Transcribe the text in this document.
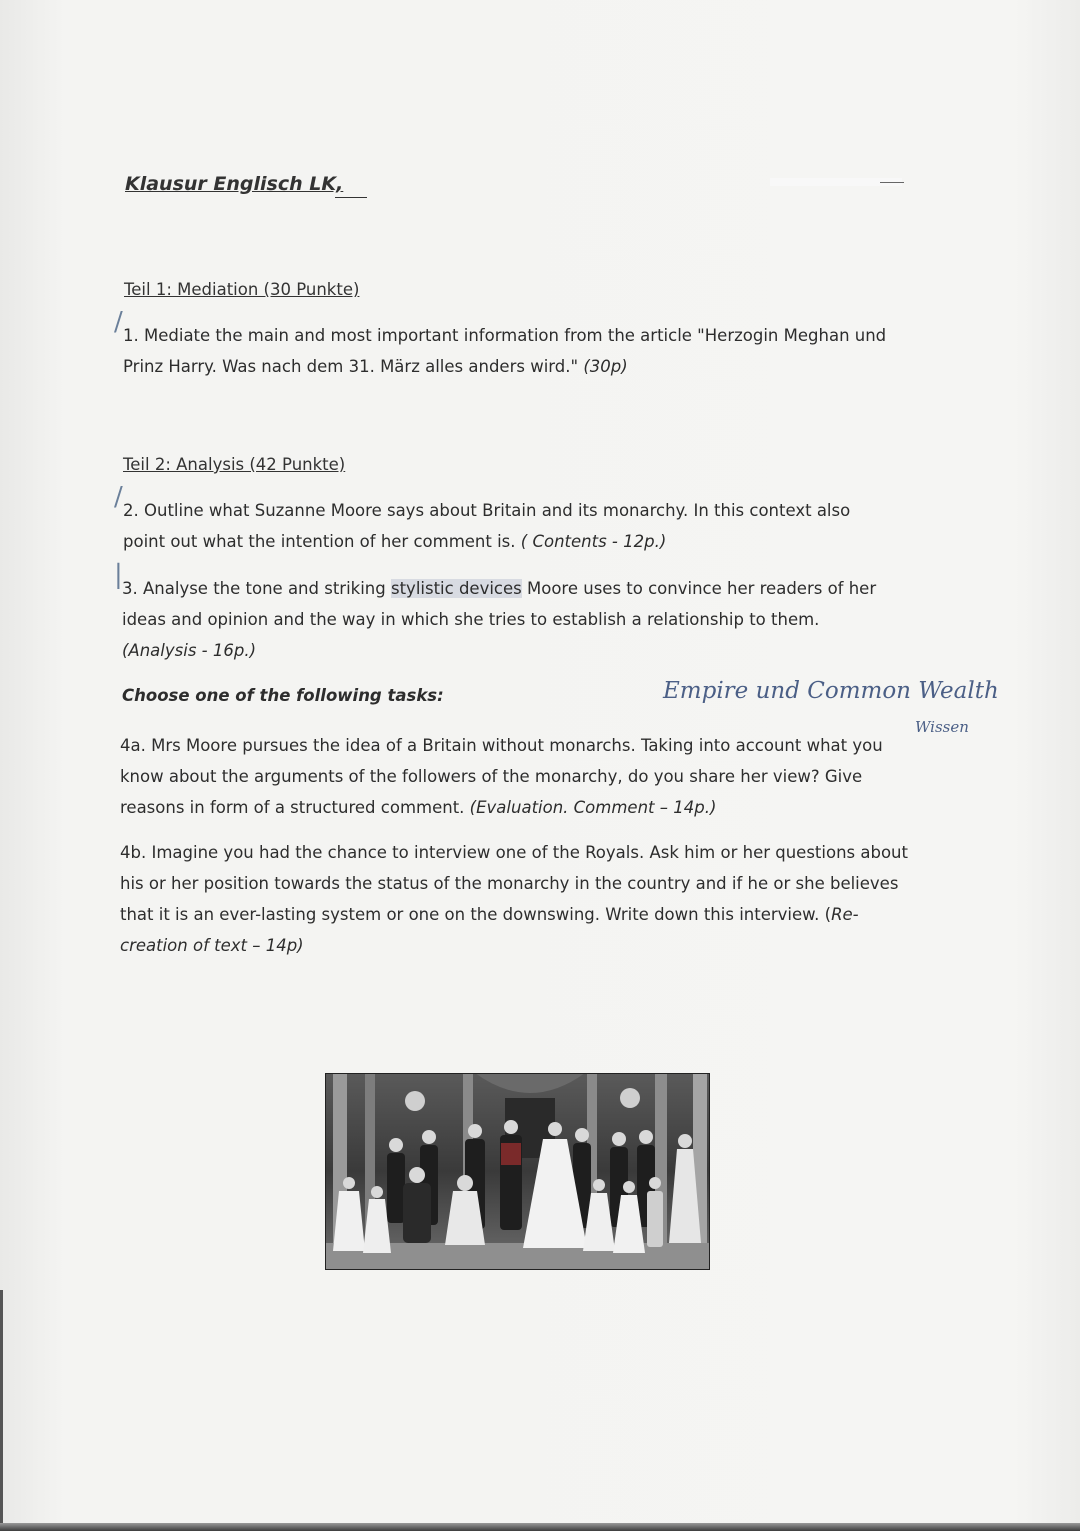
Klausur Englisch LK,
Teil 1: Mediation (30 Punkte)
/ 1. Mediate the main and most important information from the article "Herzogin Meghan und Prinz Harry. Was nach dem 31. März alles anders wird." (30p)
Teil 2: Analysis (42 Punkte)
/ 2. Outline what Suzanne Moore says about Britain and its monarchy. In this context also point out what the intention of her comment is. ( Contents - 12p.)
| 3. Analyse the tone and striking stylistic devices Moore uses to convince her readers of her ideas and opinion and the way in which she tries to establish a relationship to them.
(Analysis - 16p.)
Choose one of the following tasks:	Empire und Common Wealth
Wissen
4a. Mrs Moore pursues the idea of a Britain without monarchs. Taking into account what you know about the arguments of the followers of the monarchy, do you share her view? Give reasons in form of a structured comment. (Evaluation. Comment – 14p.)
4b. Imagine you had the chance to interview one of the Royals. Ask him or her questions about his or her position towards the status of the monarchy in the country and if he or she believes that it is an ever-lasting system or one on the downswing. Write down this interview. (Re-creation of text – 14p)
